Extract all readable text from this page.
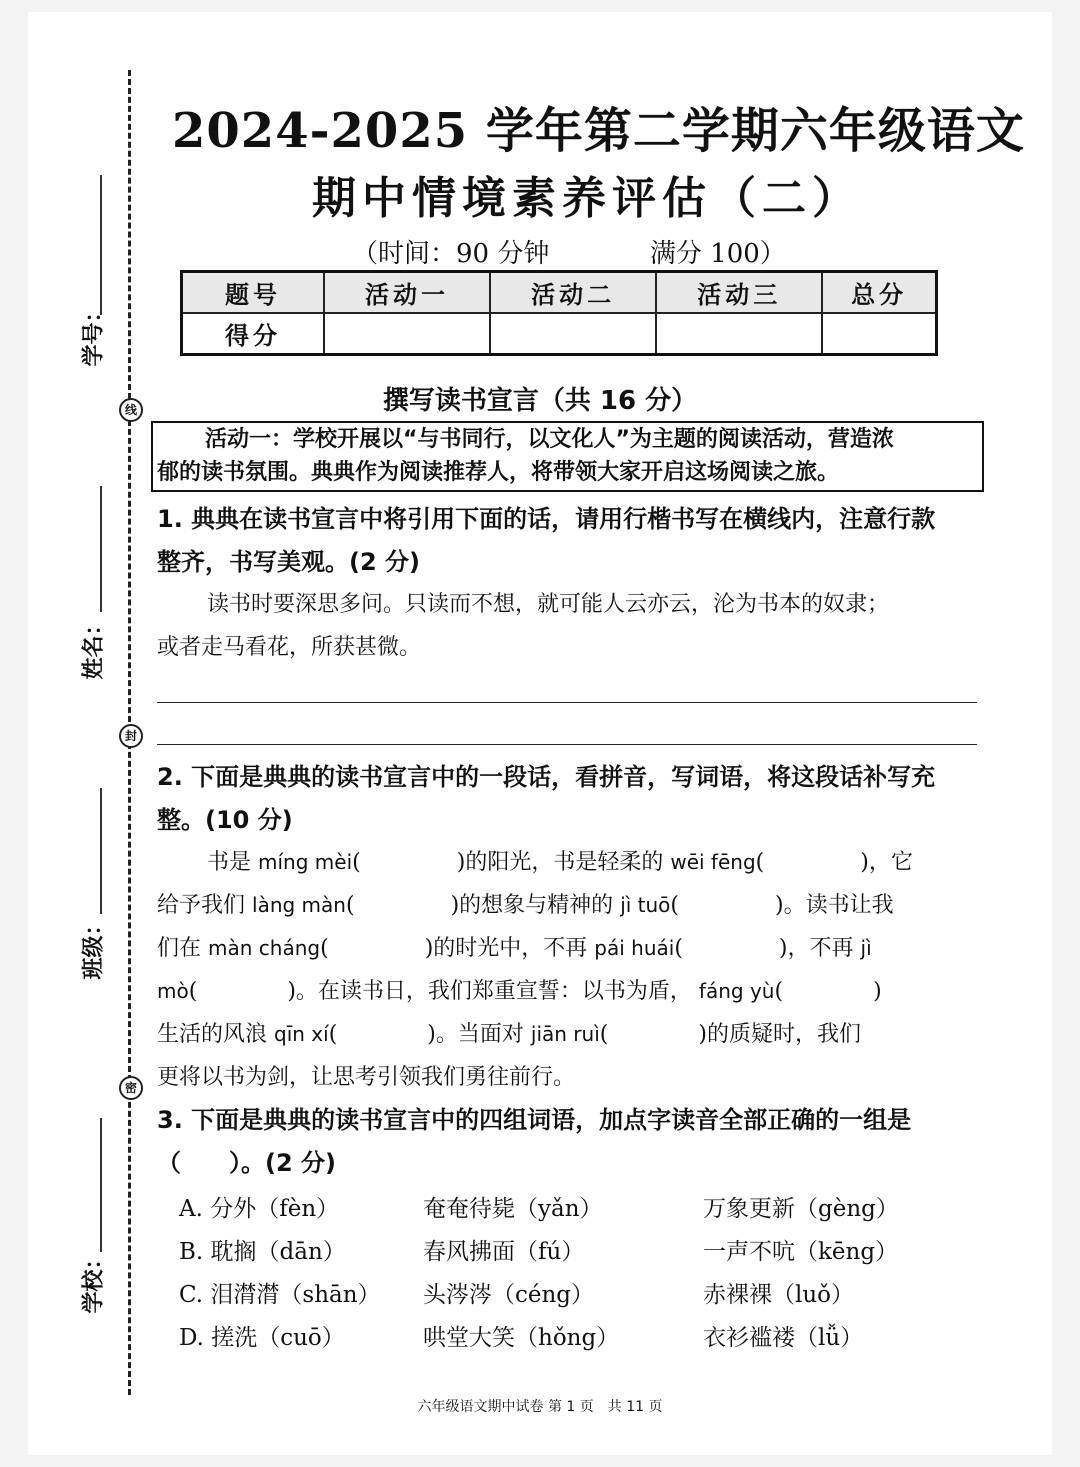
线
封
密
2024-2025 学年第二学期六年级语文
期中情境素养评估（二）
（时间：90 分钟	满分 100）
题号	活动一	活动二	活动三	总分
得分				
撰写读书宣言（共 16 分）
活动一：学校开展以“与书同行，以文化人”为主题的阅读活动，营造浓
郁的读书氛围。典典作为阅读推荐人，将带领大家开启这场阅读之旅。
1. 典典在读书宣言中将引用下面的话，请用行楷书写在横线内，注意行款
整齐，书写美观。(2 分)
读书时要深思多问。只读而不想，就可能人云亦云，沦为书本的奴隶；
或者走马看花，所获甚微。
2. 下面是典典的读书宣言中的一段话，看拼音，写词语，将这段话补写充
整。(10 分)
书是 míng mèi(	)的阳光，书是轻柔的 wēi fēng(	)，它
给予我们 làng màn(	)的想象与精神的 jì tuō(	)。读书让我
们在 màn cháng(	)的时光中，不再 pái huái(	)，不再 jì
mò(	)。在读书日，我们郑重宣誓：以书为盾， fáng yù(	)
生活的风浪 qīn xí(	)。当面对 jiān ruì(	)的质疑时，我们
更将以书为剑，让思考引领我们勇往前行。
3. 下面是典典的读书宣言中的四组词语，加点字读音全部正确的一组是
（　　）。(2 分)
A. 分外（fèn）	奄奄待毙（yǎn）	万象更新（gèng）
B. 耽搁（dān）	春风拂面（fú）	一声不吭（kēng）
C. 泪潸潸（shān） 头涔涔（céng）	赤裸裸（luǒ）
D. 搓洗（cuō）	哄堂大笑（hǒng）	衣衫褴褛（lǚ）
六年级语文期中试卷 第 1 页　共 11 页
